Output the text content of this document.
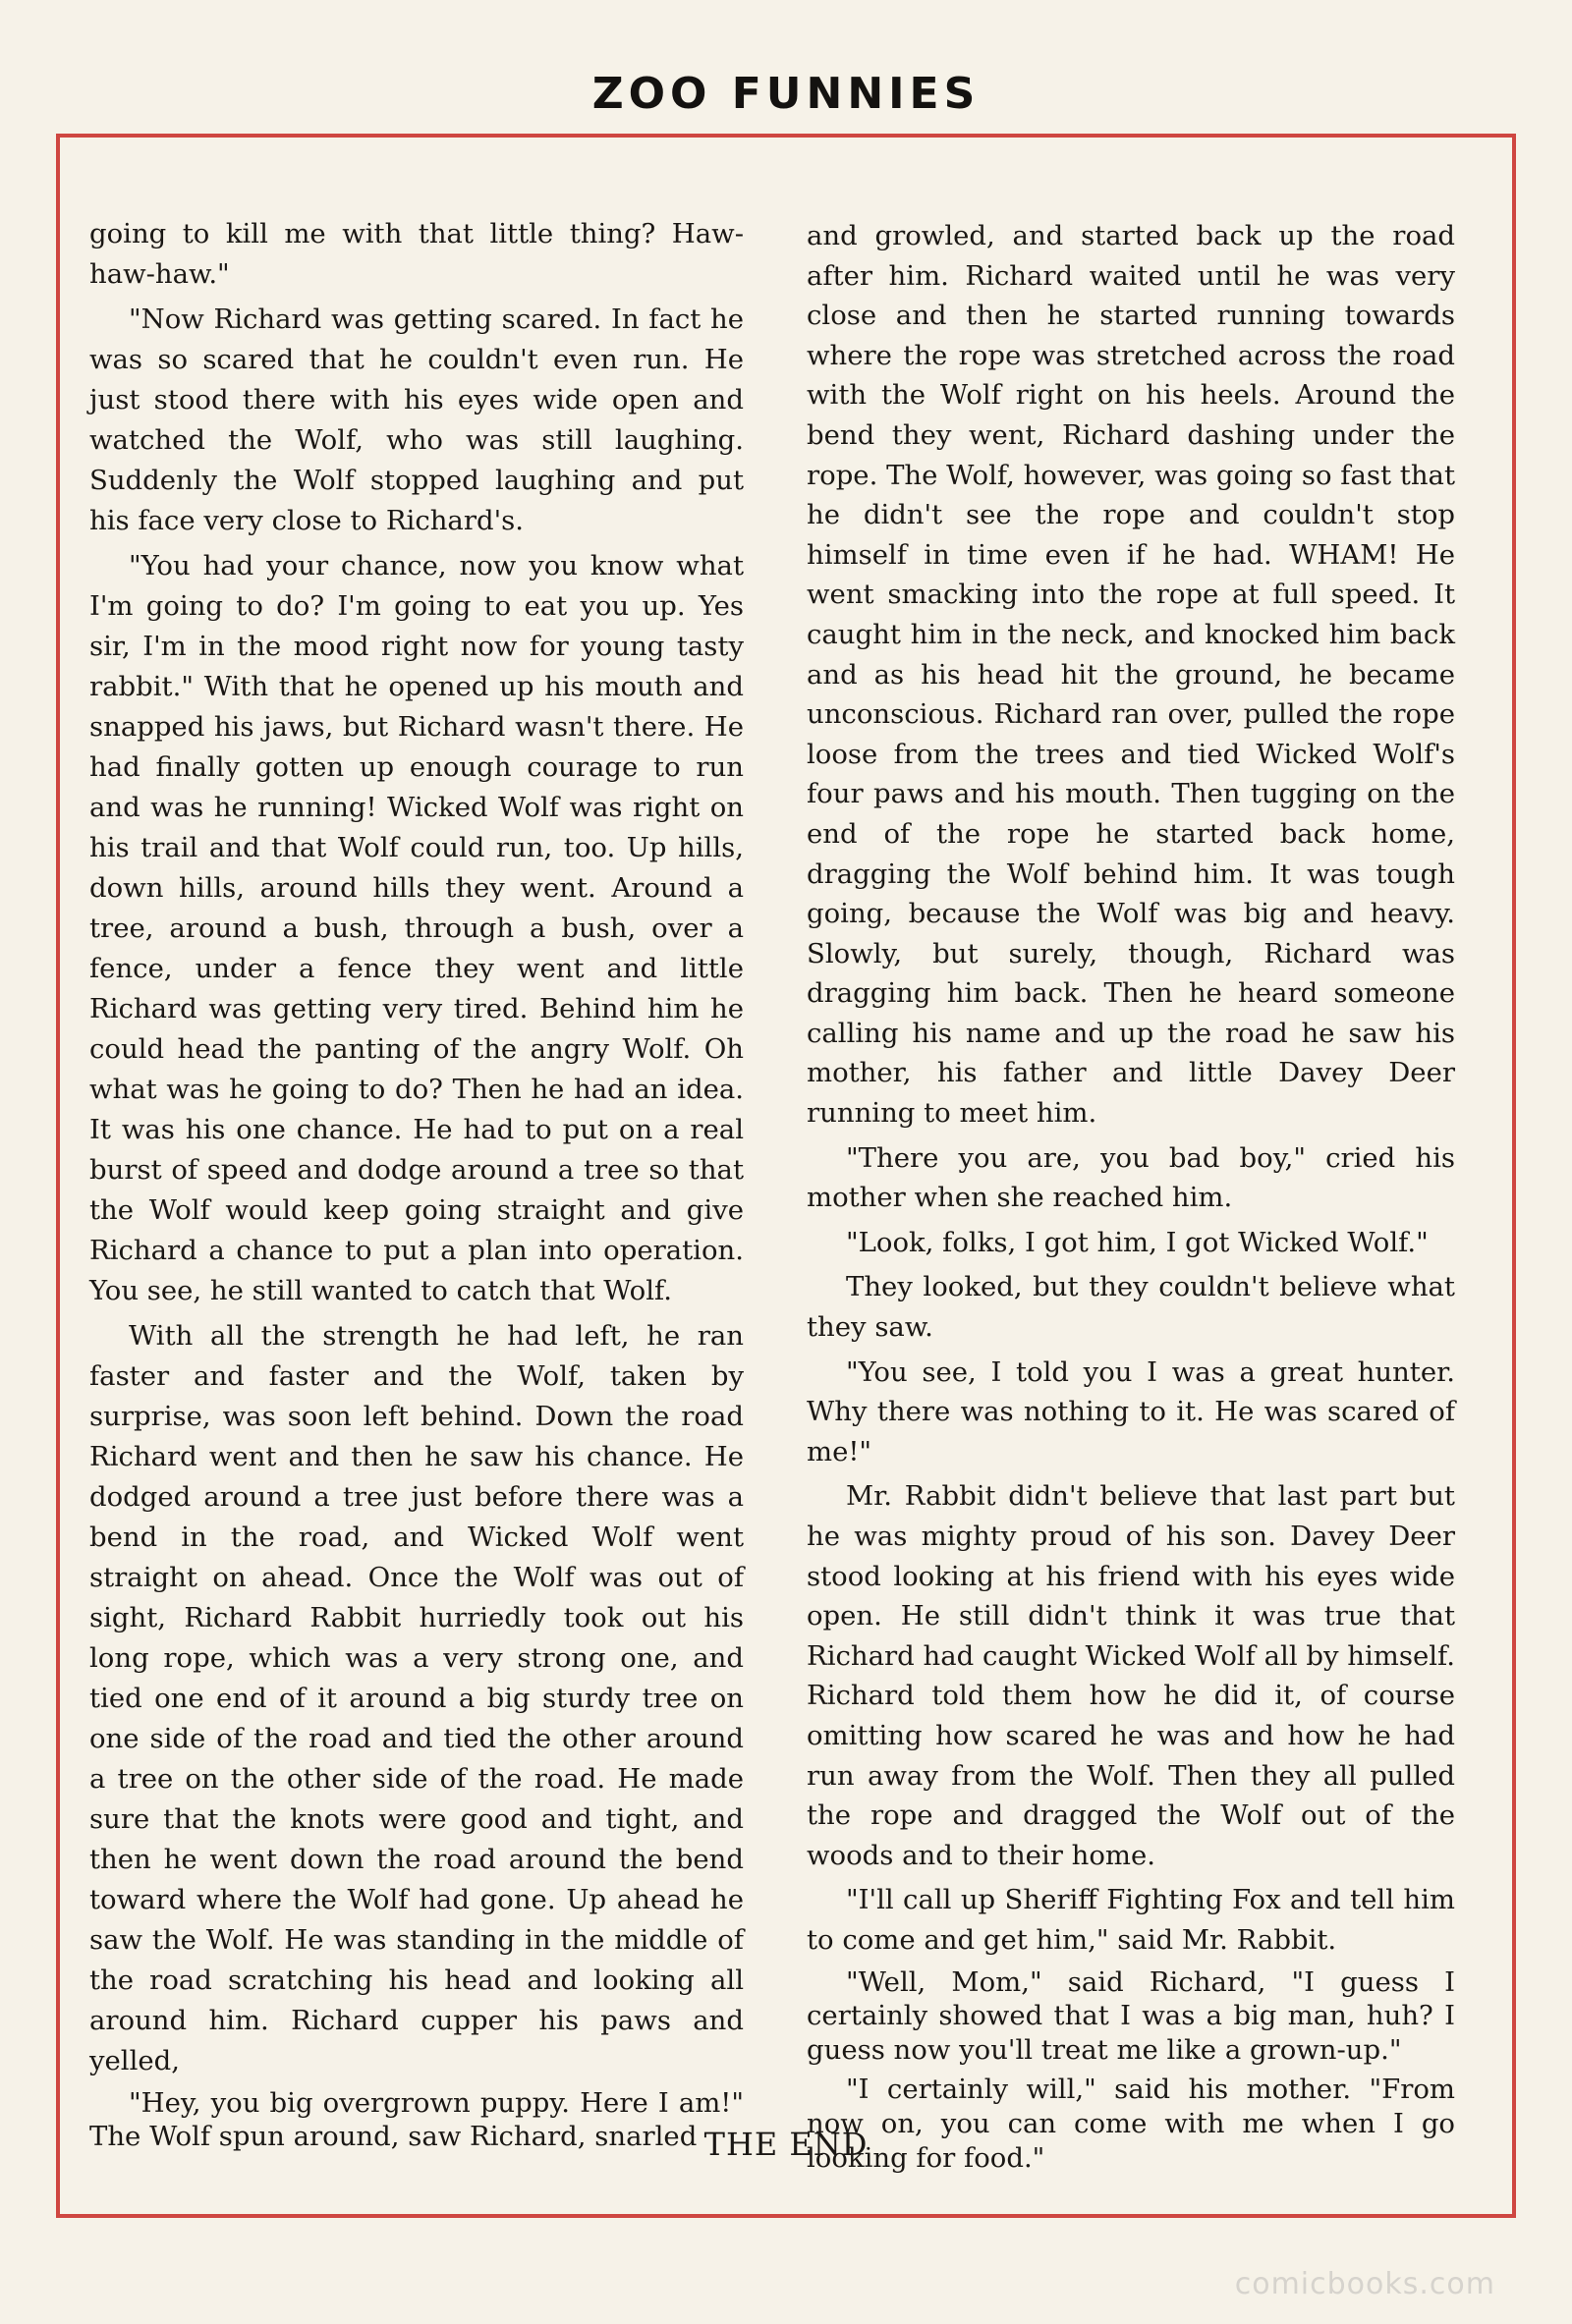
ZOO FUNNIES

going to kill me with that little thing? Haw-haw-haw."

"Now Richard was getting scared. In fact he was so scared that he couldn't even run. He just stood there with his eyes wide open and watched the Wolf, who was still laughing. Suddenly the Wolf stopped laughing and put his face very close to Richard's.

"You had your chance, now you know what I'm going to do? I'm going to eat you up. Yes sir, I'm in the mood right now for young tasty rabbit." With that he opened up his mouth and snapped his jaws, but Richard wasn't there. He had finally gotten up enough courage to run and was he running! Wicked Wolf was right on his trail and that Wolf could run, too. Up hills, down hills, around hills they went. Around a tree, around a bush, through a bush, over a fence, under a fence they went and little Richard was getting very tired. Behind him he could head the panting of the angry Wolf. Oh what was he going to do? Then he had an idea. It was his one chance. He had to put on a real burst of speed and dodge around a tree so that the Wolf would keep going straight and give Richard a chance to put a plan into operation. You see, he still wanted to catch that Wolf.

With all the strength he had left, he ran faster and faster and the Wolf, taken by surprise, was soon left behind. Down the road Richard went and then he saw his chance. He dodged around a tree just before there was a bend in the road, and Wicked Wolf went straight on ahead. Once the Wolf was out of sight, Richard Rabbit hurriedly took out his long rope, which was a very strong one, and tied one end of it around a big sturdy tree on one side of the road and tied the other around a tree on the other side of the road. He made sure that the knots were good and tight, and then he went down the road around the bend toward where the Wolf had gone. Up ahead he saw the Wolf. He was standing in the middle of the road scratching his head and looking all around him. Richard cupper his paws and yelled,

"Hey, you big overgrown puppy. Here I am!" The Wolf spun around, saw Richard, snarled

and growled, and started back up the road after him. Richard waited until he was very close and then he started running towards where the rope was stretched across the road with the Wolf right on his heels. Around the bend they went, Richard dashing under the rope. The Wolf, however, was going so fast that he didn't see the rope and couldn't stop himself in time even if he had. WHAM! He went smacking into the rope at full speed. It caught him in the neck, and knocked him back and as his head hit the ground, he became unconscious. Richard ran over, pulled the rope loose from the trees and tied Wicked Wolf's four paws and his mouth. Then tugging on the end of the rope he started back home, dragging the Wolf behind him. It was tough going, because the Wolf was big and heavy. Slowly, but surely, though, Richard was dragging him back. Then he heard someone calling his name and up the road he saw his mother, his father and little Davey Deer running to meet him.

"There you are, you bad boy," cried his mother when she reached him.

"Look, folks, I got him, I got Wicked Wolf."

They looked, but they couldn't believe what they saw.

"You see, I told you I was a great hunter. Why there was nothing to it. He was scared of me!"

Mr. Rabbit didn't believe that last part but he was mighty proud of his son. Davey Deer stood looking at his friend with his eyes wide open. He still didn't think it was true that Richard had caught Wicked Wolf all by himself. Richard told them how he did it, of course omitting how scared he was and how he had run away from the Wolf. Then they all pulled the rope and dragged the Wolf out of the woods and to their home.

"I'll call up Sheriff Fighting Fox and tell him to come and get him," said Mr. Rabbit.

"Well, Mom," said Richard, "I guess I certainly showed that I was a big man, huh? I guess now you'll treat me like a grown-up."

"I certainly will," said his mother. "From now on, you can come with me when I go looking for food."

THE END
comicbooks.com
